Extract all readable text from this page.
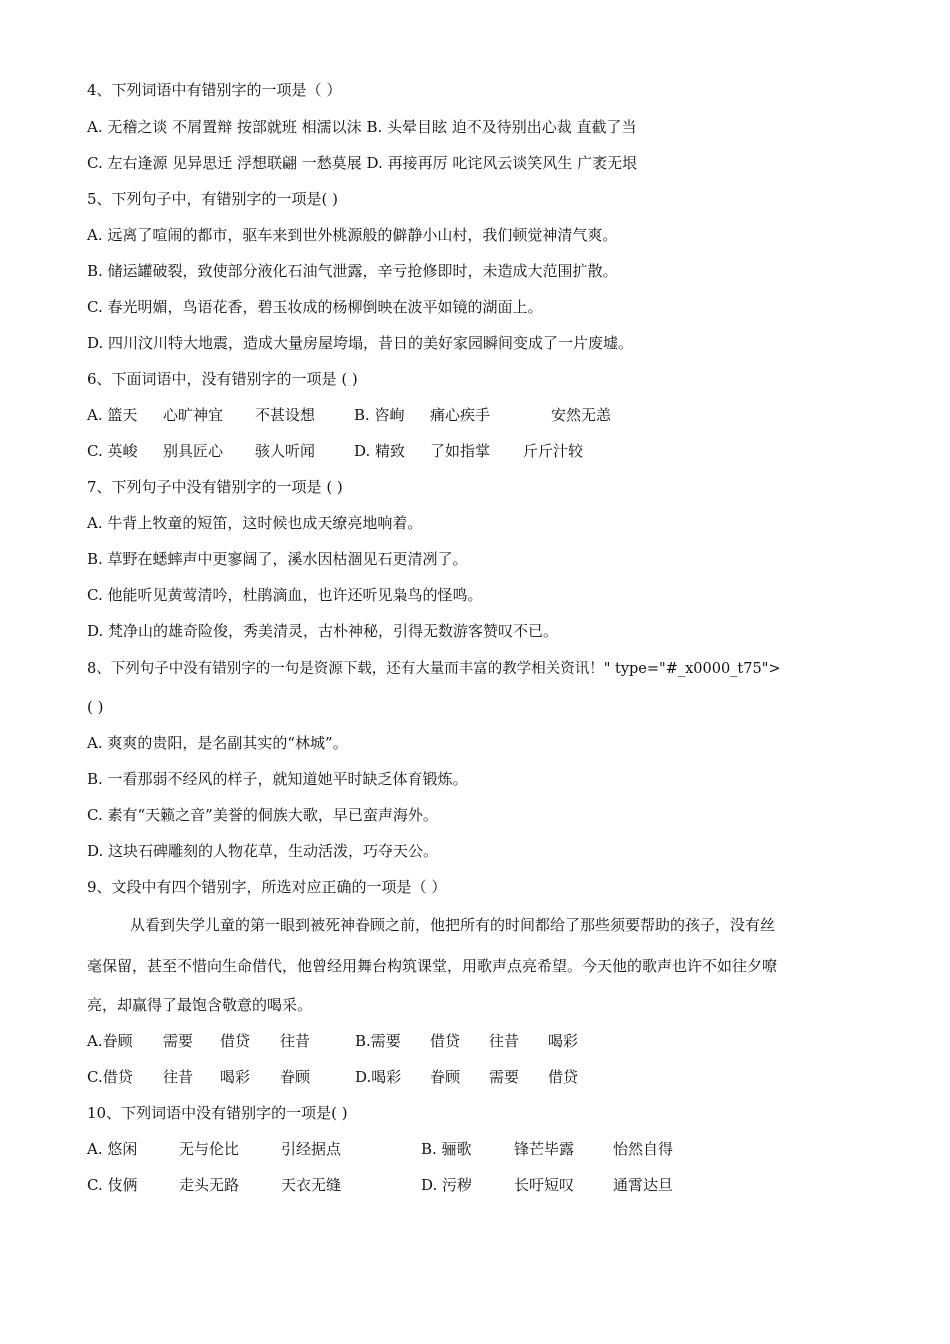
4、下列词语中有错别字的一项是（ ）
A. 无稽之谈 不屑置辩 按部就班 相濡以沫 B. 头晕目眩 迫不及待别出心裁 直截了当
C. 左右逢源 见异思迁 浮想联翩 一愁莫展 D. 再接再厉 叱诧风云谈笑风生 广袤无垠
5、下列句子中，有错别字的一项是( )
A. 远离了喧闹的都市，驱车来到世外桃源般的僻静小山村，我们顿觉神清气爽。
B. 储运罐破裂，致使部分液化石油气泄露，辛亏抢修即时，未造成大范围扩散。
C. 春光明媚，鸟语花香，碧玉妆成的杨柳倒映在波平如镜的湖面上。
D. 四川汶川特大地震，造成大量房屋垮塌，昔日的美好家园瞬间变成了一片废墟。
6、下面词语中，没有错别字的一项是 ( )
A. 篮天 心旷神宜 不甚设想	B. 咨峋 痛心疾手	安然无恙
C. 英峻 别具匠心 骇人听闻	D. 精致 了如指掌 斤斤汁较
7、下列句子中没有错别字的一项是 ( )
A. 牛背上牧童的短笛，这时候也成天缭亮地响着。
B. 草野在蟋蟀声中更寥阔了，溪水因枯涸见石更清冽了。
C. 他能听见黄莺清吟，杜鹃滴血，也许还听见枭鸟的怪鸣。
D. 梵净山的雄奇险俊，秀美清灵，古朴神秘，引得无数游客赞叹不已。
8、下列句子中没有错别字的一句是资源下载，还有大量而丰富的教学相关资讯！" type="#_x0000_t75">
( )
A. 爽爽的贵阳，是名副其实的“林城”。
B. 一看那弱不经风的样子，就知道她平时缺乏体育锻炼。
C. 素有“天籁之音”美誉的侗族大歌，早已蛮声海外。
D. 这块石碑雕刻的人物花草，生动活泼，巧夺天公。
9、文段中有四个错别字，所选对应正确的一项是（ ）
从看到失学儿童的第一眼到被死神眷顾之前，他把所有的时间都给了那些须要帮助的孩子，没有丝
毫保留，甚至不惜向生命借代，他曾经用舞台构筑课堂，用歌声点亮希望。今天他的歌声也许不如往夕嘹
亮，却赢得了最饱含敬意的喝采。
A.眷顾 需要 借贷 往昔	B.需要 借贷 往昔 喝彩
C.借贷 往昔 喝彩 眷顾	D.喝彩 眷顾 需要 借贷
10、下列词语中没有错别字的一项是( )
A. 悠闲	无与伦比	引经据点	B. 骊歌	锋芒毕露	怡然自得
C. 伎俩	走头无路	天衣无缝	D. 污秽	长吁短叹	通霄达旦
